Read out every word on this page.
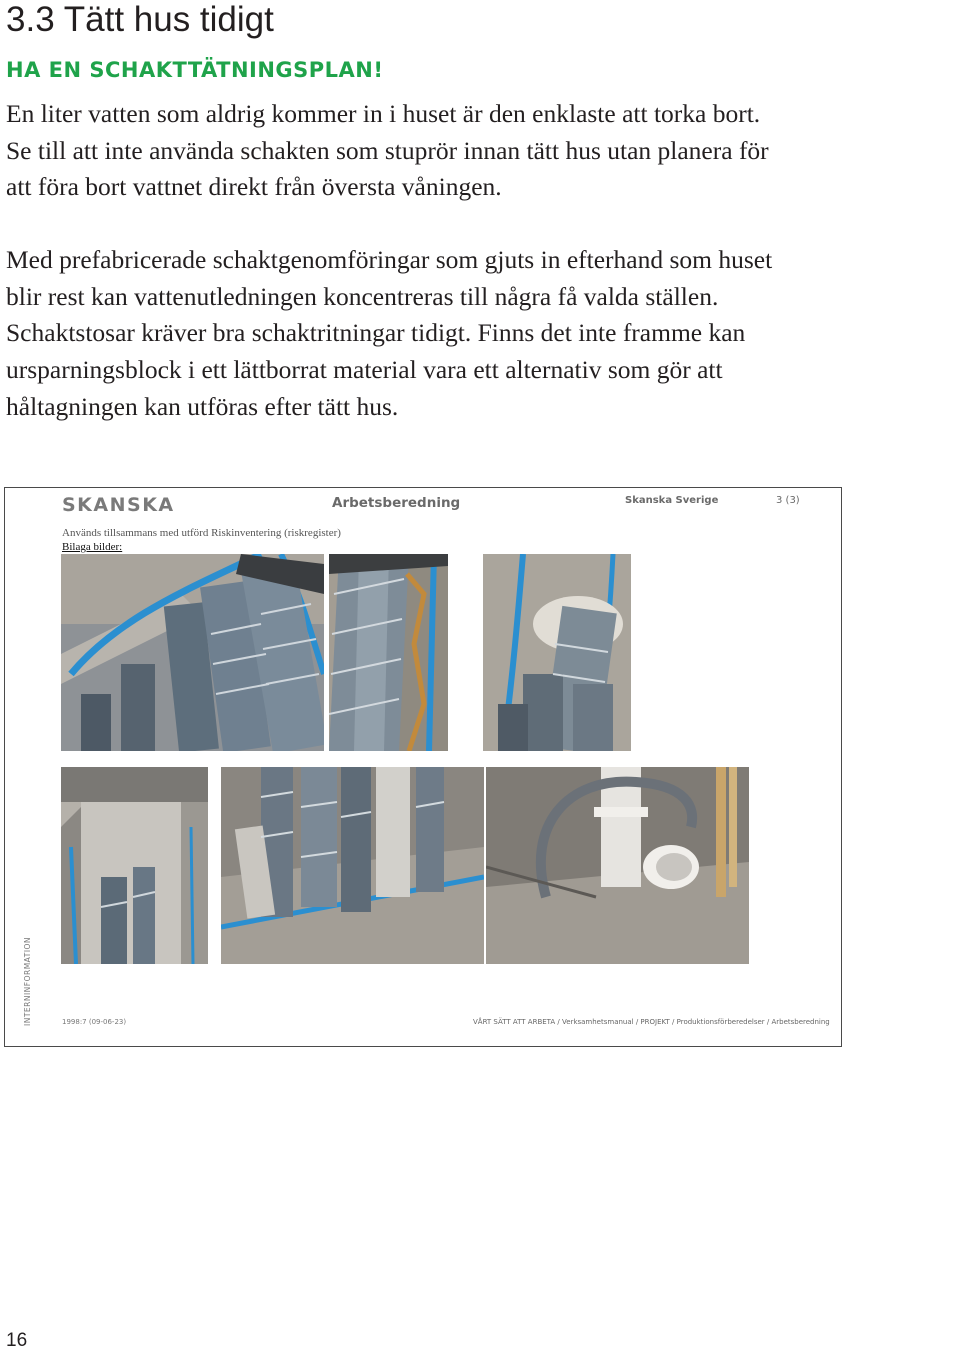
3.3 Tätt hus tidigt
HA EN SCHAKTTÄTNINGSPLAN!
En liter vatten som aldrig kommer in i huset är den enklaste att torka bort.
Se till att inte använda schakten som stuprör innan tätt hus utan planera för
att föra bort vattnet direkt från översta våningen.
Med prefabricerade schaktgenomföringar som gjuts in efterhand som huset
blir rest kan vattenutledningen koncentreras till några få valda ställen.
Schaktstosar kräver bra schaktritningar tidigt. Finns det inte framme kan
ursparningsblock i ett lättborrat material vara ett alternativ som gör att
håltagningen kan utföras efter tätt hus.
SKANSKA	Arbetsberedning	Skanska Sverige	3 (3)
Används tillsammans med utförd Riskinventering (riskregister)
Bilaga bilder:
INTERNINFORMATION	1998:7 (09-06-23)	VÅRT SÄTT ATT ARBETA / Verksamhetsmanual / PROJEKT / Produktionsförberedelser / Arbetsberedning
16
